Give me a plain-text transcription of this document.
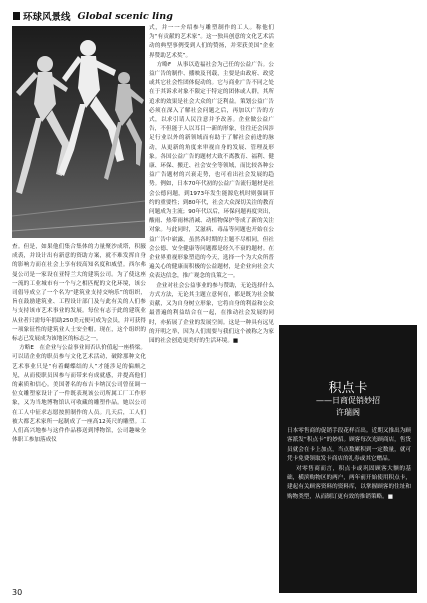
环球风景线 Global scenic ling
查。但是，如果他们集合集体的力量聚沙成塔，积腋成裘，并设计出有新意的资助方案，就不难发挥自身的影响力而在社会上享有较高知名度和威望。西尔弗曼公司是一家设在亚特兰大的建筑公司。为了使这座一流的工业城市有一个与之相匹配的文化环境，该公司倡导成立了一个名为“建筑业支持交响乐”的组织，旨在鼓励建筑业、工程设计部门及与此有关的人们参与支持该市艺术事业的发展。每位有志于此的建筑业从业者只需每年捐助250美元便可成为会员，并可获得一项象征性的建筑业人士安全帽。现在，这个组织的标志已发展成为该地区的标志之一。
方略E　在企业与公益事业间否认价值起一座桥梁。可以请企业的职员参与文化艺术活动，破除那种文化艺术事业只是“有着蝴蝶结的人”才能涉足的偏颇之见，从而使职员因参与而带来有成就感，并提高他们的素质和信心。美国著名的布吉卡纳汉公司曾征调一位女雕塑家设计了一件既表现该公司所属工厂工作形象，又为当地博物馆认可收藏的雕塑作品。她以公司在工人中征求志愿按照制作的人员。几天后，工人们被大都艺术家所一起制成了一座高12英尺的雕塑。工人们高兴地参与这件作品移送到博物馆，公司趣味全体职工参加落成仪
式，并一一介绍参与雕塑制作的工人。称他们为“有贡献的艺术家”。这一独具创意的文化艺术活动的典型事例受到人们的赞扬，并荣获美国“企业界赞助艺术奖”。
方略F　从事以造福社会为己任的公益广告。公益广告的制作、播映及刊载，主要是由政府、政党或其它社会性团体促动的。它与商业广告不同之处在于其诉求对象不限定于特定的团体或人群，其所追求的效果是社会大众的广泛利益。策划公益广告必须在深入了解社会问题之后，再加以广告的方式，以求引请人民注意并予改善。企业做公益广告，不但能于人以耳目一新的形象，往往还会因涉足行业以外的新领域而有助于了解社会前进的脉动，从更新的角度来审视自身的发展、管理及形象。各国公益广告的题材大致不离教育、福利、健康、环保、搬迁、社会安全等领域，而比较各种公益广告题材的兴衰走势，也可看出社会发展的趋势。例如，日本70年代初的公益广告流行题材是社会公德问题，到1973年发生能源危机时则强调节约的重要性；到80年代，社会大众深切关注的教育问题成为主流；90年代以后，环保问题再度突出，酸雨、热带雨林消减、动植物保护等成了新的关注对象。与此同时，艾滋病、毒品等问题也开始在公益广告中崭露，虽然各时期的主题不尽相同，但社会公德、安全健康等问题都是经久不衰的题材。在企业界重视形象塑造的今天，选择一个为大众所普遍关心的健康而积极的公益题材，是企业向社会大众表达信念，推广观念的良策之一。
企业对社会公益事业的参与赞助，无论选择什么方式方法，无论其主题立意何在，都是既为社会做贡献，又为自身树立形象，它将自身的利益和公众最普遍的利益结合在一起，在推动社会发展的同时，亦拓展了企业的发展空间。这是一种具有远见的开明之举，因为人们需要与我们这个被称之为家园的社会创造更美好的生活环境。■
积点卡
——日商促销妙招
许瑞阁
日本零售商的促销手段花样百出。近期又推出为顾客派发“积点卡”的妙招。顾客每次光顾商店，售货员就会在卡上加点，当点数累积到一定数量，就可凭卡免费领取发卡商店的礼券或其它赠品。
对零售商而言，积点卡或巩固顾客大额的基础，横滨购物区的两户，两年前开始使用积点卡，建起有关顾客资料的资料库，以掌握顾客的住址和购物类型，从而制订更有效的推销策略。■
30
